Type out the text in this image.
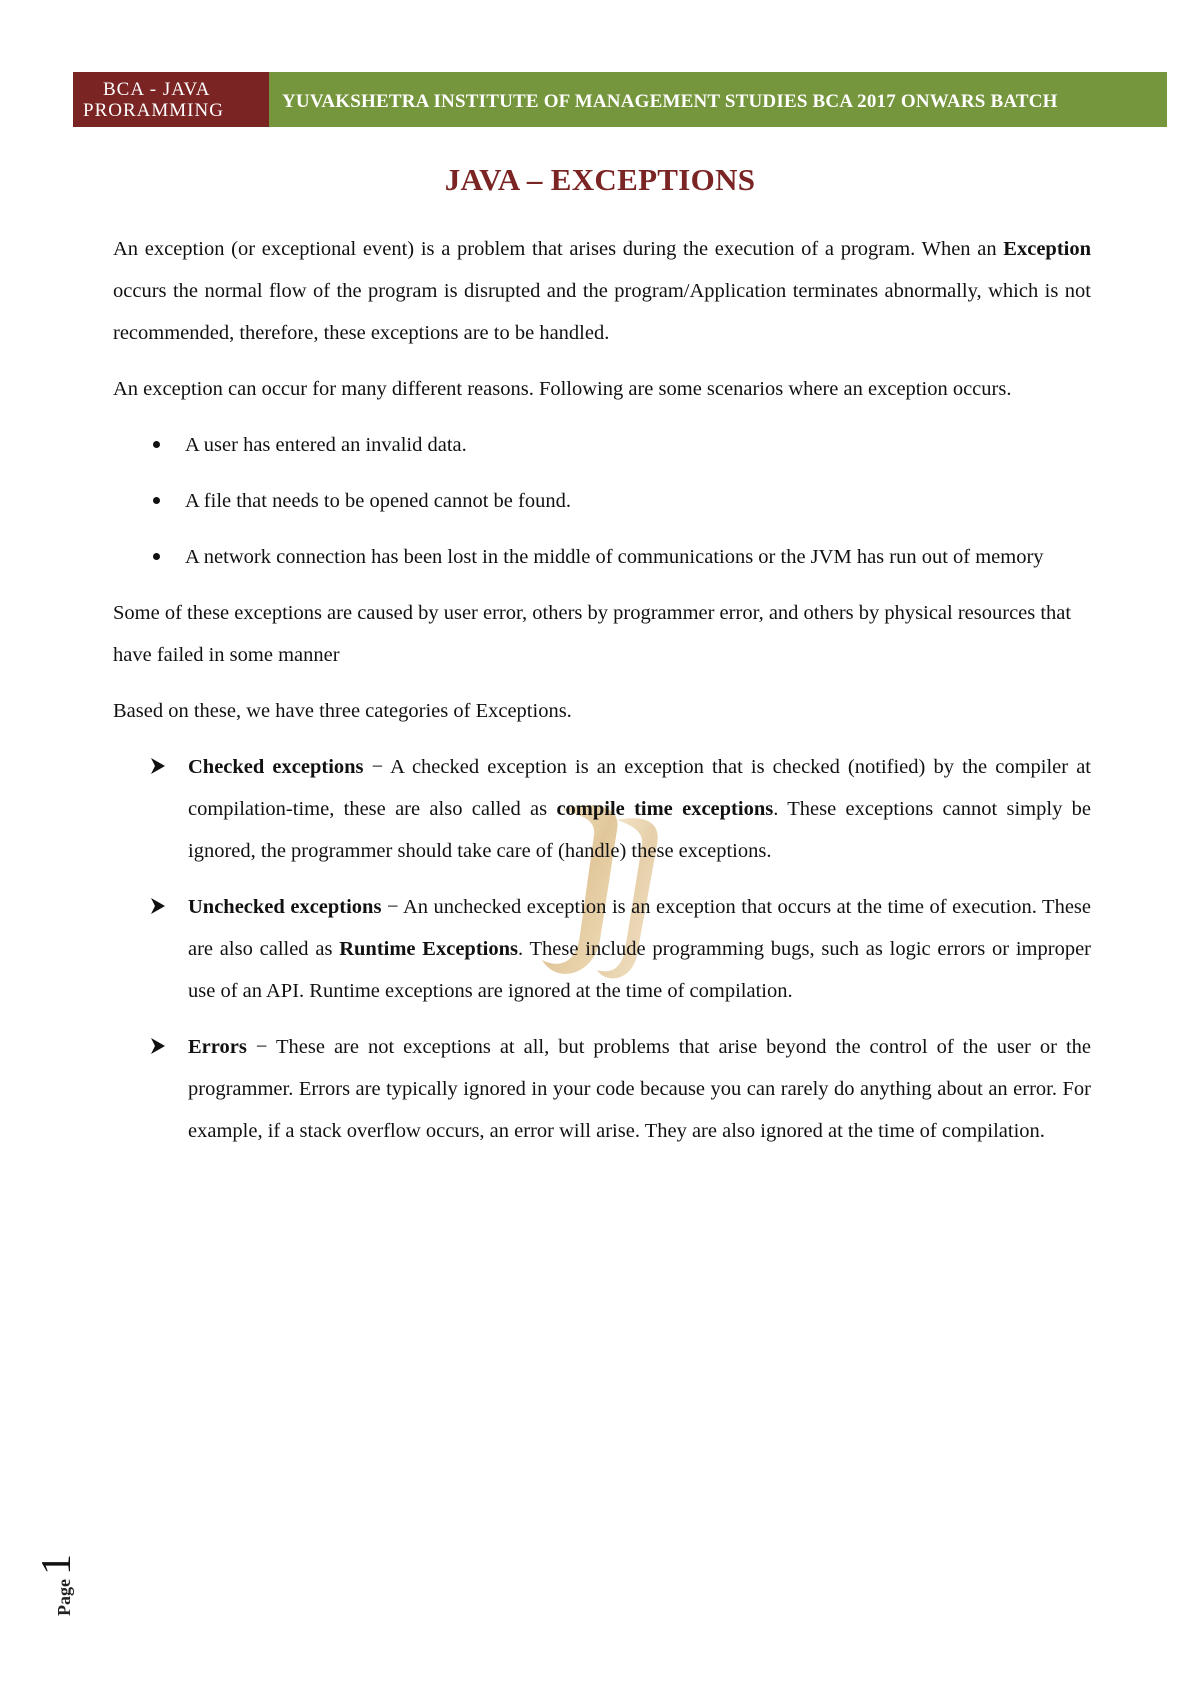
BCA - JAVA
PRORAMMING	YUVAKSHETRA INSTITUTE OF MANAGEMENT STUDIES BCA 2017 ONWARS BATCH
JAVA – EXCEPTIONS

An exception (or exceptional event) is a problem that arises during the execution of a program. When an Exception occurs the normal flow of the program is disrupted and the program/Application terminates abnormally, which is not recommended, therefore, these exceptions are to be handled.

An exception can occur for many different reasons. Following are some scenarios where an exception occurs.

A user has entered an invalid data.
A file that needs to be opened cannot be found.
A network connection has been lost in the middle of communications or the JVM has run out of memory

Some of these exceptions are caused by user error, others by programmer error, and others by physical resources that have failed in some manner

Based on these, we have three categories of Exceptions.

Checked exceptions − A checked exception is an exception that is checked (notified) by the compiler at compilation-time, these are also called as compile time exceptions. These exceptions cannot simply be ignored, the programmer should take care of (handle) these exceptions.
Unchecked exceptions − An unchecked exception is an exception that occurs at the time of execution. These are also called as Runtime Exceptions. These include programming bugs, such as logic errors or improper use of an API. Runtime exceptions are ignored at the time of compilation.
Errors − These are not exceptions at all, but problems that arise beyond the control of the user or the programmer. Errors are typically ignored in your code because you can rarely do anything about an error. For example, if a stack overflow occurs, an error will arise. They are also ignored at the time of compilation.
Page
1
